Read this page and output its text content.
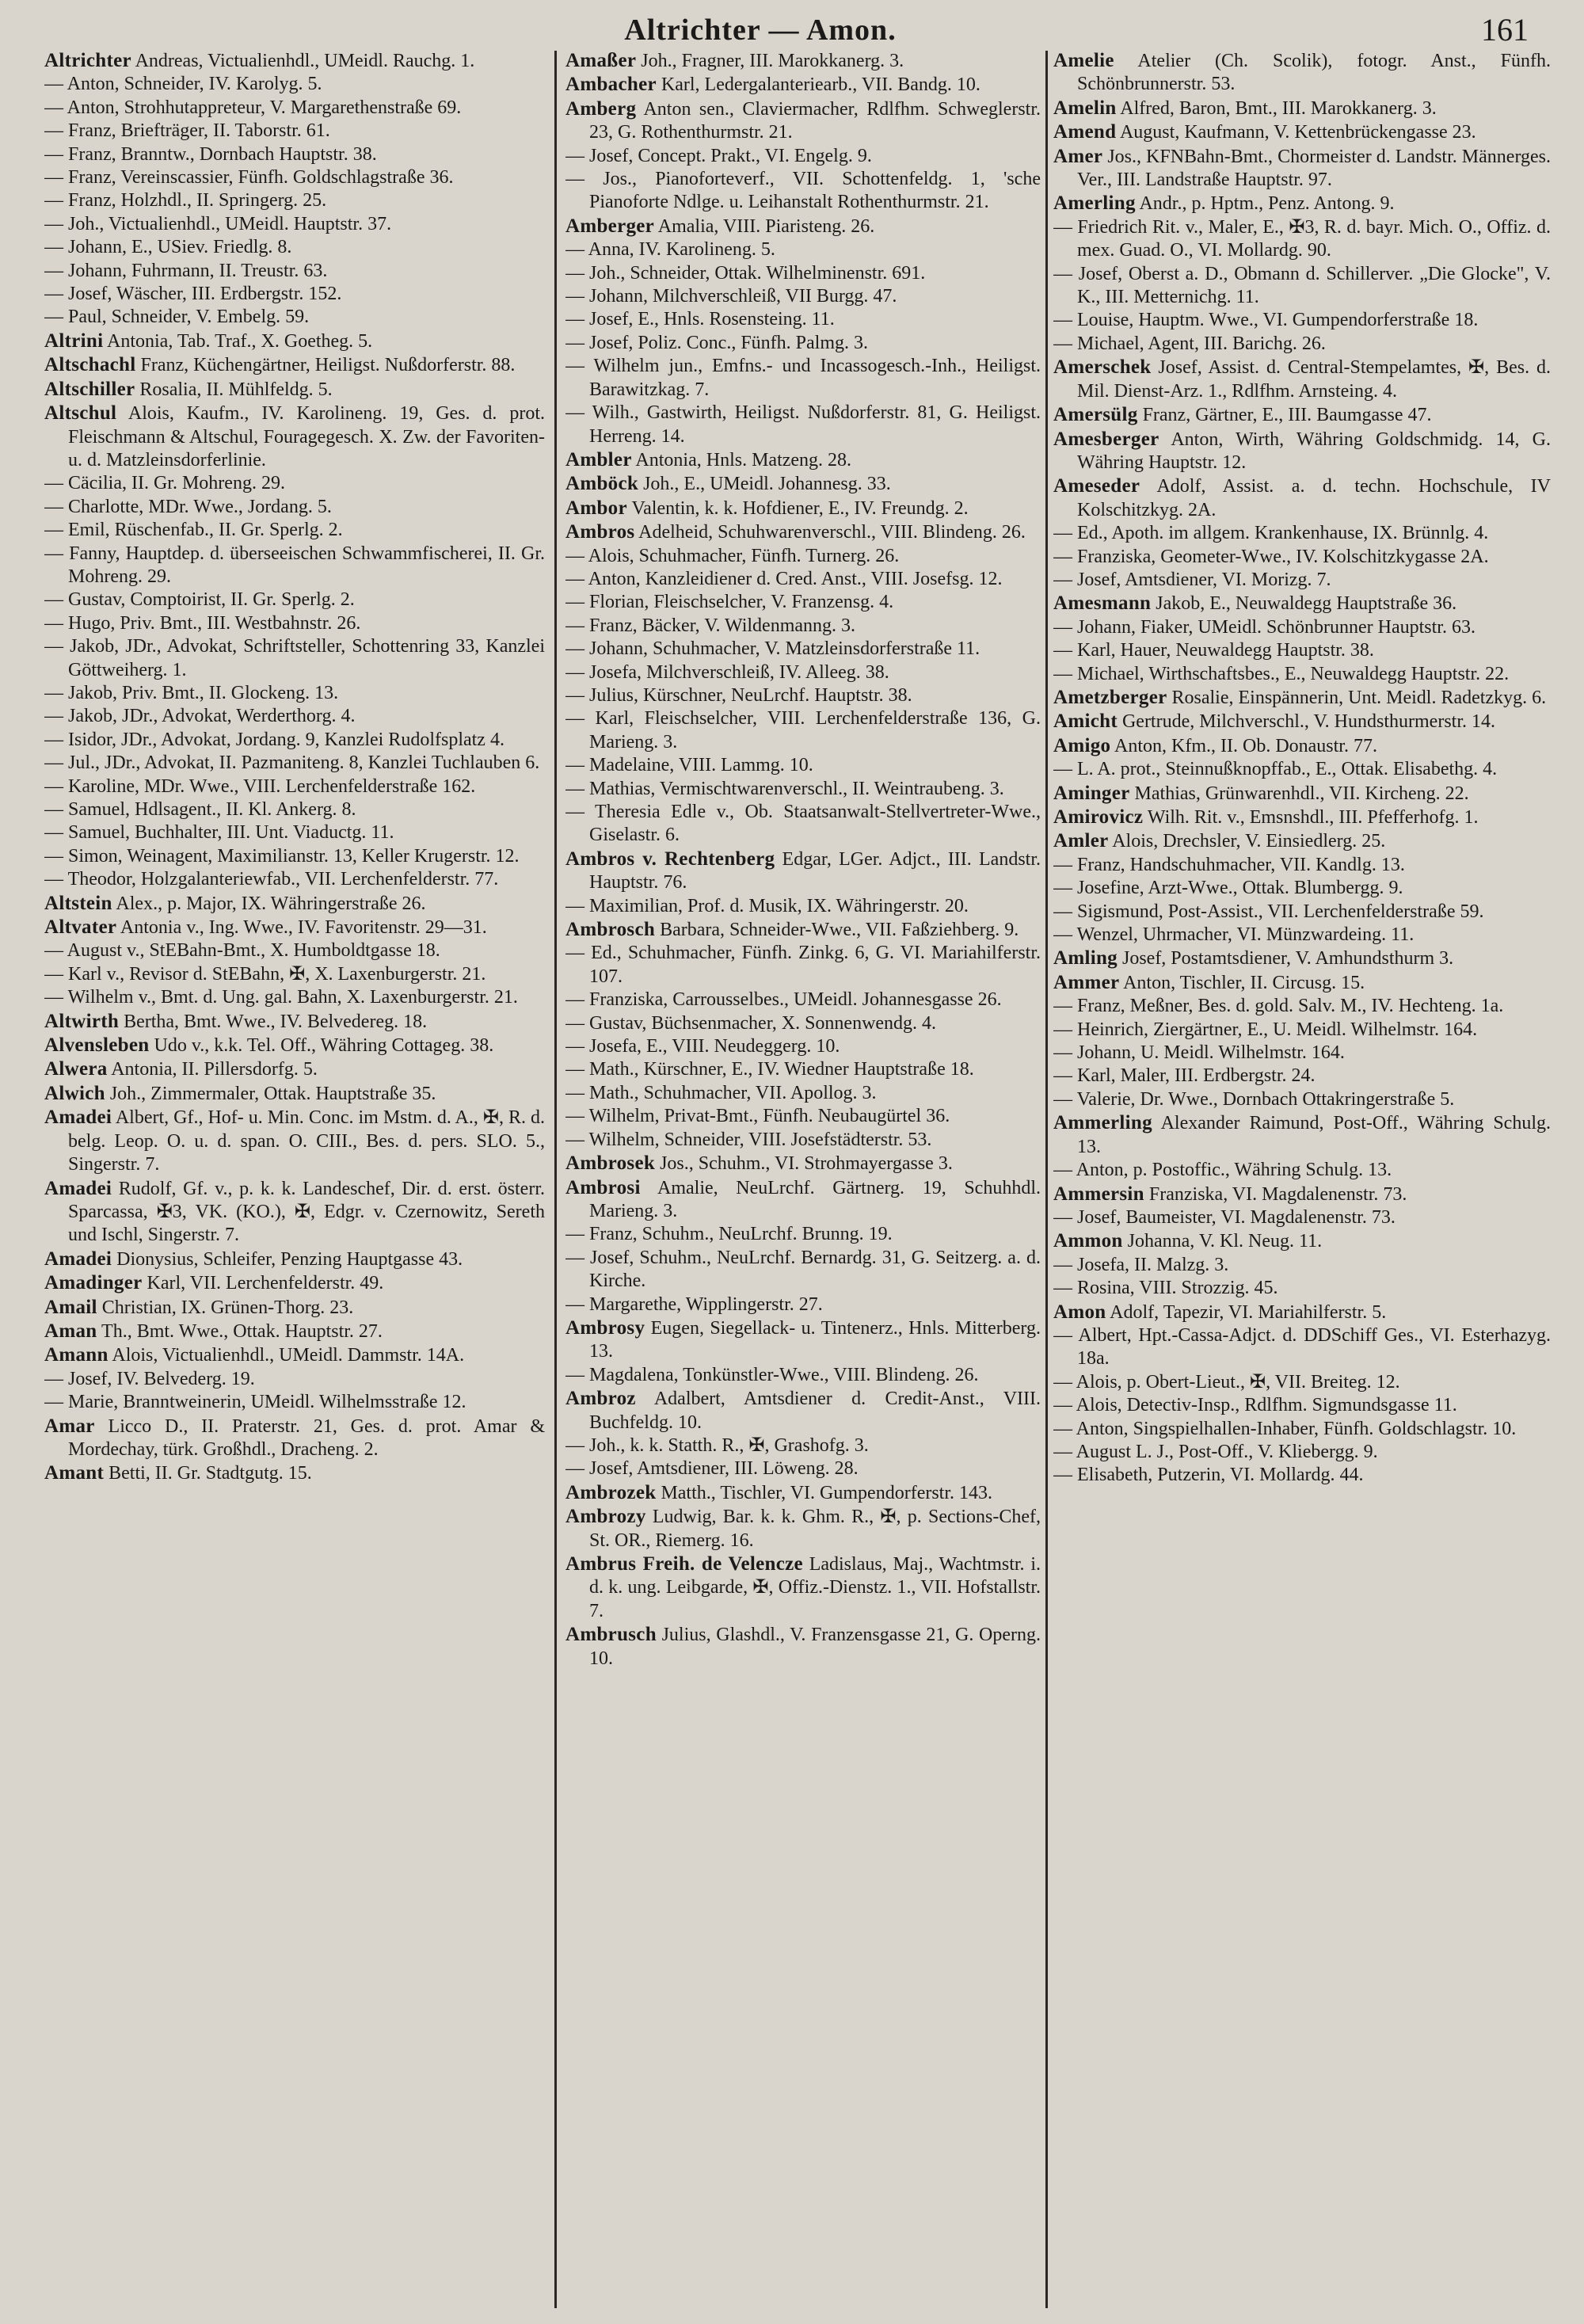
Altrichter — Amon.	161

Altrichter Andreas, Victualienhdl., UMeidl. Rauchg. 1.

— Anton, Schneider, IV. Karolyg. 5.

— Anton, Strohhutappreteur, V. Margarethenstraße 69.

— Franz, Briefträger, II. Taborstr. 61.

— Franz, Branntw., Dornbach Hauptstr. 38.

— Franz, Vereinscassier, Fünfh. Goldschlagstraße 36.

— Franz, Holzhdl., II. Springerg. 25.

— Joh., Victualienhdl., UMeidl. Hauptstr. 37.

— Johann, E., USiev. Friedlg. 8.

— Johann, Fuhrmann, II. Treustr. 63.

— Josef, Wäscher, III. Erdbergstr. 152.

— Paul, Schneider, V. Embelg. 59.

Altrini Antonia, Tab. Traf., X. Goetheg. 5.

Altschachl Franz, Küchengärtner, Heiligst. Nußdorferstr. 88.

Altschiller Rosalia, II. Mühlfeldg. 5.

Altschul Alois, Kaufm., IV. Karolineng. 19, Ges. d. prot. Fleischmann & Altschul, Fouragegesch. X. Zw. der Favoriten- u. d. Matzleinsdorferlinie.

— Cäcilia, II. Gr. Mohreng. 29.

— Charlotte, MDr. Wwe., Jordang. 5.

— Emil, Rüschenfab., II. Gr. Sperlg. 2.

— Fanny, Hauptdep. d. überseeischen Schwammfischerei, II. Gr. Mohreng. 29.

— Gustav, Comptoirist, II. Gr. Sperlg. 2.

— Hugo, Priv. Bmt., III. Westbahnstr. 26.

— Jakob, JDr., Advokat, Schriftsteller, Schottenring 33, Kanzlei Göttweiherg. 1.

— Jakob, Priv. Bmt., II. Glockeng. 13.

— Jakob, JDr., Advokat, Werderthorg. 4.

— Isidor, JDr., Advokat, Jordang. 9, Kanzlei Rudolfsplatz 4.

— Jul., JDr., Advokat, II. Pazmaniteng. 8, Kanzlei Tuchlauben 6.

— Karoline, MDr. Wwe., VIII. Lerchenfelderstraße 162.

— Samuel, Hdlsagent., II. Kl. Ankerg. 8.

— Samuel, Buchhalter, III. Unt. Viaductg. 11.

— Simon, Weinagent, Maximilianstr. 13, Keller Krugerstr. 12.

— Theodor, Holzgalanteriewfab., VII. Lerchenfelderstr. 77.

Altstein Alex., p. Major, IX. Währingerstraße 26.

Altvater Antonia v., Ing. Wwe., IV. Favoritenstr. 29—31.

— August v., StEBahn-Bmt., X. Humboldtgasse 18.

— Karl v., Revisor d. StEBahn, ✠, X. Laxenburgerstr. 21.

— Wilhelm v., Bmt. d. Ung. gal. Bahn, X. Laxenburgerstr. 21.

Altwirth Bertha, Bmt. Wwe., IV. Belvedereg. 18.

Alvensleben Udo v., k.k. Tel. Off., Währing Cottageg. 38.

Alwera Antonia, II. Pillersdorfg. 5.

Alwich Joh., Zimmermaler, Ottak. Hauptstraße 35.

Amadei Albert, Gf., Hof- u. Min. Conc. im Mstm. d. A., ✠, R. d. belg. Leop. O. u. d. span. O. CIII., Bes. d. pers. SLO. 5., Singerstr. 7.

Amadei Rudolf, Gf. v., p. k. k. Landeschef, Dir. d. erst. österr. Sparcassa, ✠3, VK. (KO.), ✠, Edgr. v. Czernowitz, Sereth und Ischl, Singerstr. 7.

Amadei Dionysius, Schleifer, Penzing Hauptgasse 43.

Amadinger Karl, VII. Lerchenfelderstr. 49.

Amail Christian, IX. Grünen-Thorg. 23.

Aman Th., Bmt. Wwe., Ottak. Hauptstr. 27.

Amann Alois, Victualienhdl., UMeidl. Dammstr. 14A.

— Josef, IV. Belvederg. 19.

— Marie, Branntweinerin, UMeidl. Wilhelmsstraße 12.

Amar Licco D., II. Praterstr. 21, Ges. d. prot. Amar & Mordechay, türk. Großhdl., Dracheng. 2.

Amant Betti, II. Gr. Stadtgutg. 15.

Amaßer Joh., Fragner, III. Marokkanerg. 3.

Ambacher Karl, Ledergalanteriearb., VII. Bandg. 10.

Amberg Anton sen., Claviermacher, Rdlfhm. Schweglerstr. 23, G. Rothenthurmstr. 21.

— Josef, Concept. Prakt., VI. Engelg. 9.

— Jos., Pianoforteverf., VII. Schottenfeldg. 1, 'sche Pianoforte Ndlge. u. Leihanstalt Rothenthurmstr. 21.

Amberger Amalia, VIII. Piaristeng. 26.

— Anna, IV. Karolineng. 5.

— Joh., Schneider, Ottak. Wilhelminenstr. 691.

— Johann, Milchverschleiß, VII Burgg. 47.

— Josef, E., Hnls. Rosensteing. 11.

— Josef, Poliz. Conc., Fünfh. Palmg. 3.

— Wilhelm jun., Emfns.- und Incassogesch.-Inh., Heiligst. Barawitzkag. 7.

— Wilh., Gastwirth, Heiligst. Nußdorferstr. 81, G. Heiligst. Herreng. 14.

Ambler Antonia, Hnls. Matzeng. 28.

Amböck Joh., E., UMeidl. Johannesg. 33.

Ambor Valentin, k. k. Hofdiener, E., IV. Freundg. 2.

Ambros Adelheid, Schuhwarenverschl., VIII. Blindeng. 26.

— Alois, Schuhmacher, Fünfh. Turnerg. 26.

— Anton, Kanzleidiener d. Cred. Anst., VIII. Josefsg. 12.

— Florian, Fleischselcher, V. Franzensg. 4.

— Franz, Bäcker, V. Wildenmanng. 3.

— Johann, Schuhmacher, V. Matzleinsdorferstraße 11.

— Josefa, Milchverschleiß, IV. Alleeg. 38.

— Julius, Kürschner, NeuLrchf. Hauptstr. 38.

— Karl, Fleischselcher, VIII. Lerchenfelderstraße 136, G. Marieng. 3.

— Madelaine, VIII. Lammg. 10.

— Mathias, Vermischtwarenverschl., II. Weintraubeng. 3.

— Theresia Edle v., Ob. Staatsanwalt-Stellvertreter-Wwe., Giselastr. 6.

Ambros v. Rechtenberg Edgar, LGer. Adjct., III. Landstr. Hauptstr. 76.

— Maximilian, Prof. d. Musik, IX. Währingerstr. 20.

Ambrosch Barbara, Schneider-Wwe., VII. Faßziehberg. 9.

— Ed., Schuhmacher, Fünfh. Zinkg. 6, G. VI. Mariahilferstr. 107.

— Franziska, Carrousselbes., UMeidl. Johannesgasse 26.

— Gustav, Büchsenmacher, X. Sonnenwendg. 4.

— Josefa, E., VIII. Neudeggerg. 10.

— Math., Kürschner, E., IV. Wiedner Hauptstraße 18.

— Math., Schuhmacher, VII. Apollog. 3.

— Wilhelm, Privat-Bmt., Fünfh. Neubaugürtel 36.

— Wilhelm, Schneider, VIII. Josefstädterstr. 53.

Ambrosek Jos., Schuhm., VI. Strohmayergasse 3.

Ambrosi Amalie, NeuLrchf. Gärtnerg. 19, Schuhhdl. Marieng. 3.

— Franz, Schuhm., NeuLrchf. Brunng. 19.

— Josef, Schuhm., NeuLrchf. Bernardg. 31, G. Seitzerg. a. d. Kirche.

— Margarethe, Wipplingerstr. 27.

Ambrosy Eugen, Siegellack- u. Tintenerz., Hnls. Mitterberg. 13.

— Magdalena, Tonkünstler-Wwe., VIII. Blindeng. 26.

Ambroz Adalbert, Amtsdiener d. Credit-Anst., VIII. Buchfeldg. 10.

— Joh., k. k. Statth. R., ✠, Grashofg. 3.

— Josef, Amtsdiener, III. Löweng. 28.

Ambrozek Matth., Tischler, VI. Gumpendorferstr. 143.

Ambrozy Ludwig, Bar. k. k. Ghm. R., ✠, p. Sections-Chef, St. OR., Riemerg. 16.

Ambrus Freih. de Velencze Ladislaus, Maj., Wachtmstr. i. d. k. ung. Leibgarde, ✠, Offiz.-Dienstz. 1., VII. Hofstallstr. 7.

Ambrusch Julius, Glashdl., V. Franzensgasse 21, G. Operng. 10.

Amelie Atelier (Ch. Scolik), fotogr. Anst., Fünfh. Schönbrunnerstr. 53.

Amelin Alfred, Baron, Bmt., III. Marokkanerg. 3.

Amend August, Kaufmann, V. Kettenbrückengasse 23.

Amer Jos., KFNBahn-Bmt., Chormeister d. Landstr. Männerges. Ver., III. Landstraße Hauptstr. 97.

Amerling Andr., p. Hptm., Penz. Antong. 9.

— Friedrich Rit. v., Maler, E., ✠3, R. d. bayr. Mich. O., Offiz. d. mex. Guad. O., VI. Mollardg. 90.

— Josef, Oberst a. D., Obmann d. Schillerver. „Die Glocke", V. K., III. Metternichg. 11.

— Louise, Hauptm. Wwe., VI. Gumpendorferstraße 18.

— Michael, Agent, III. Barichg. 26.

Amerschek Josef, Assist. d. Central-Stempelamtes, ✠, Bes. d. Mil. Dienst-Arz. 1., Rdlfhm. Arnsteing. 4.

Amersülg Franz, Gärtner, E., III. Baumgasse 47.

Amesberger Anton, Wirth, Währing Goldschmidg. 14, G. Währing Hauptstr. 12.

Ameseder Adolf, Assist. a. d. techn. Hochschule, IV Kolschitzkyg. 2A.

— Ed., Apoth. im allgem. Krankenhause, IX. Brünnlg. 4.

— Franziska, Geometer-Wwe., IV. Kolschitzkygasse 2A.

— Josef, Amtsdiener, VI. Morizg. 7.

Amesmann Jakob, E., Neuwaldegg Hauptstraße 36.

— Johann, Fiaker, UMeidl. Schönbrunner Hauptstr. 63.

— Karl, Hauer, Neuwaldegg Hauptstr. 38.

— Michael, Wirthschaftsbes., E., Neuwaldegg Hauptstr. 22.

Ametzberger Rosalie, Einspännerin, Unt. Meidl. Radetzkyg. 6.

Amicht Gertrude, Milchverschl., V. Hundsthurmerstr. 14.

Amigo Anton, Kfm., II. Ob. Donaustr. 77.

— L. A. prot., Steinnußknopffab., E., Ottak. Elisabethg. 4.

Aminger Mathias, Grünwarenhdl., VII. Kircheng. 22.

Amirovicz Wilh. Rit. v., Emsnshdl., III. Pfefferhofg. 1.

Amler Alois, Drechsler, V. Einsiedlerg. 25.

— Franz, Handschuhmacher, VII. Kandlg. 13.

— Josefine, Arzt-Wwe., Ottak. Blumbergg. 9.

— Sigismund, Post-Assist., VII. Lerchenfelderstraße 59.

— Wenzel, Uhrmacher, VI. Münzwardeing. 11.

Amling Josef, Postamtsdiener, V. Amhundsthurm 3.

Ammer Anton, Tischler, II. Circusg. 15.

— Franz, Meßner, Bes. d. gold. Salv. M., IV. Hechteng. 1a.

— Heinrich, Ziergärtner, E., U. Meidl. Wilhelmstr. 164.

— Johann, U. Meidl. Wilhelmstr. 164.

— Karl, Maler, III. Erdbergstr. 24.

— Valerie, Dr. Wwe., Dornbach Ottakringerstraße 5.

Ammerling Alexander Raimund, Post-Off., Währing Schulg. 13.

— Anton, p. Postoffic., Währing Schulg. 13.

Ammersin Franziska, VI. Magdalenenstr. 73.

— Josef, Baumeister, VI. Magdalenenstr. 73.

Ammon Johanna, V. Kl. Neug. 11.

— Josefa, II. Malzg. 3.

— Rosina, VIII. Strozzig. 45.

Amon Adolf, Tapezir, VI. Mariahilferstr. 5.

— Albert, Hpt.-Cassa-Adjct. d. DDSchiff Ges., VI. Esterhazyg. 18a.

— Alois, p. Obert-Lieut., ✠, VII. Breiteg. 12.

— Alois, Detectiv-Insp., Rdlfhm. Sigmundsgasse 11.

— Anton, Singspielhallen-Inhaber, Fünfh. Goldschlagstr. 10.

— August L. J., Post-Off., V. Kliebergg. 9.

— Elisabeth, Putzerin, VI. Mollardg. 44.
